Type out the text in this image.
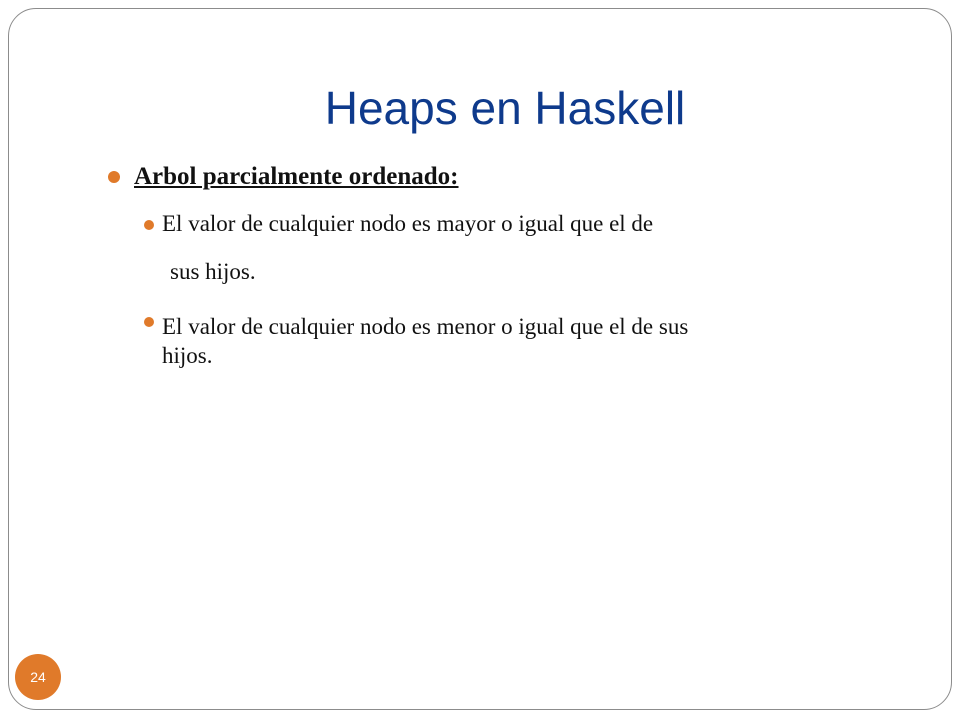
Heaps en Haskell
Arbol parcialmente ordenado:
El valor de cualquier nodo es mayor o igual que el de
sus hijos.
El valor de cualquier nodo es menor o igual que el de sus
hijos.
24
